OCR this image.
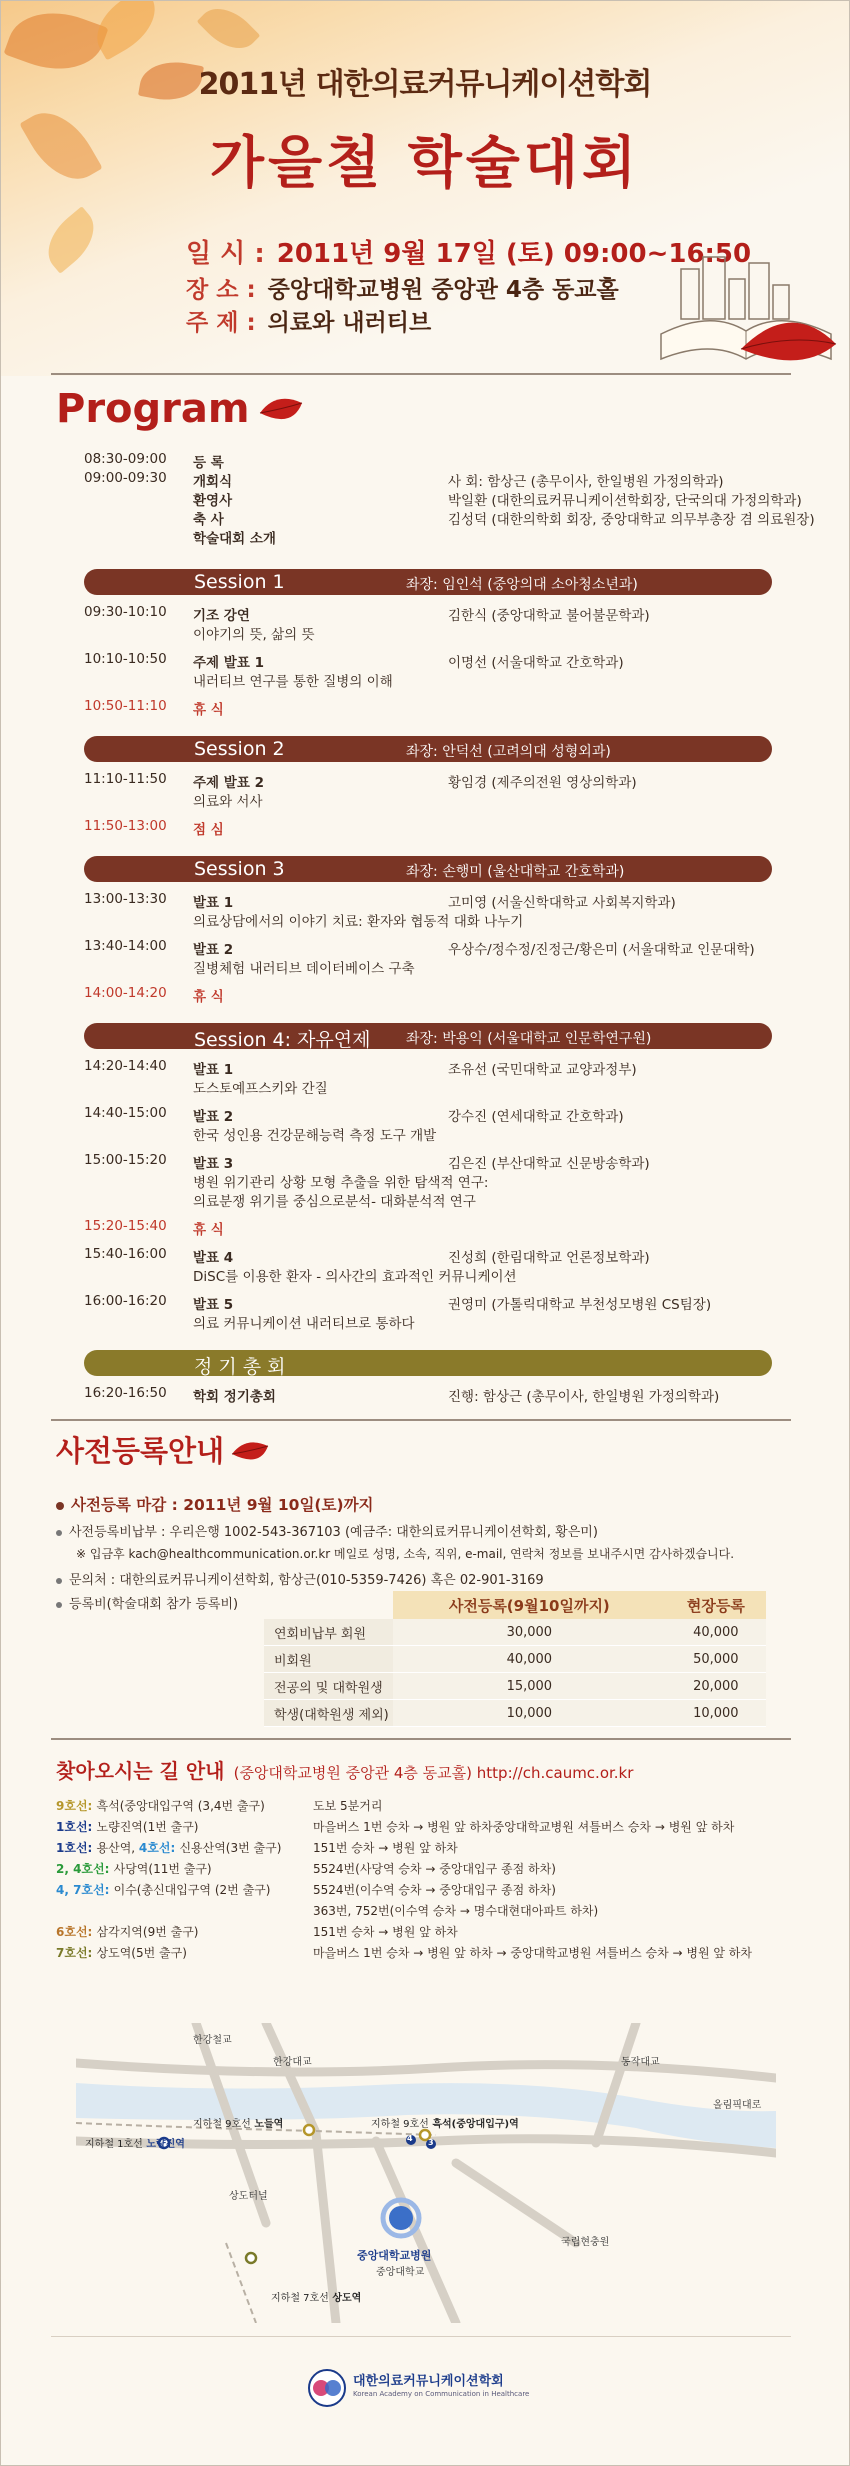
2011년 대한의료커뮤니케이션학회
가을철 학술대회
일 시 : 2011년 9월 17일 (토) 09:00~16:50
장 소 : 중앙대학교병원 중앙관 4층 동교홀
주 제 : 의료와 내러티브
Program
08:30-09:00 등 록
09:00-09:30 개회식	사 회: 함상근 (총무이사, 한일병원 가정의학과)
환영사	박일환 (대한의료커뮤니케이션학회장, 단국의대 가정의학과)
축 사	김성덕 (대한의학회 회장, 중앙대학교 의무부총장 겸 의료원장)
학술대회 소개
Session 1	좌장: 임인석 (중앙의대 소아청소년과)
09:30-10:10 기조 강연	김한식 (중앙대학교 불어불문학과)
이야기의 뜻, 삶의 뜻
10:10-10:50 주제 발표 1	이명선 (서울대학교 간호학과)
내러티브 연구를 통한 질병의 이해
10:50-11:10 휴 식
Session 2	좌장: 안덕선 (고려의대 성형외과)
11:10-11:50 주제 발표 2	황임경 (제주의전원 영상의학과)
의료와 서사
11:50-13:00 점 심
Session 3	좌장: 손행미 (울산대학교 간호학과)
13:00-13:30 발표 1	고미영 (서울신학대학교 사회복지학과)
의료상담에서의 이야기 치료: 환자와 협동적 대화 나누기
13:40-14:00 발표 2	우상수/정수정/진정근/황은미 (서울대학교 인문대학)
질병체험 내러티브 데이터베이스 구축
14:00-14:20 휴 식
Session 4: 자유연제	좌장: 박용익 (서울대학교 인문학연구원)
14:20-14:40 발표 1	조유선 (국민대학교 교양과정부)
도스토예프스키와 간질
14:40-15:00 발표 2	강수진 (연세대학교 간호학과)
한국 성인용 건강문해능력 측정 도구 개발
15:00-15:20 발표 3	김은진 (부산대학교 신문방송학과)
병원 위기관리 상황 모형 추출을 위한 탐색적 연구:
의료분쟁 위기를 중심으로분석- 대화분석적 연구
15:20-15:40 휴 식
15:40-16:00 발표 4	진성희 (한림대학교 언론정보학과)
DiSC를 이용한 환자 - 의사간의 효과적인 커뮤니케이션
16:00-16:20 발표 5	권영미 (가톨릭대학교 부천성모병원 CS팀장)
의료 커뮤니케이션 내러티브로 통하다
정 기 총 회
16:20-16:50 학회 정기총회	진행: 함상근 (총무이사, 한일병원 가정의학과)
사전등록안내
사전등록 마감 : 2011년 9월 10일(토)까지
사전등록비납부 : 우리은행 1002-543-367103 (예금주: 대한의료커뮤니케이션학회, 황은미)
※ 입금후 kach@healthcommunication.or.kr 메일로 성명, 소속, 직위, e-mail, 연락처 정보를 보내주시면 감사하겠습니다.
문의처 : 대한의료커뮤니케이션학회, 함상근(010-5359-7426) 혹은 02-901-3169
등록비(학술대회 참가 등록비)
		사전등록(9월10일까지)	현장등록
연회비납부 회원	30,000	40,000
비회원	40,000	50,000
전공의 및 대학원생	15,000	20,000
학생(대학원생 제외)	10,000	10,000
찾아오시는 길 안내 (중앙대학교병원 중앙관 4층 동교홀) http://ch.caumc.or.kr
9호선: 흑석(중앙대입구역 (3,4번 출구)	도보 5분거리
1호선: 노량진역(1번 출구)	마을버스 1번 승차 → 병원 앞 하차중앙대학교병원 셔틀버스 승차 → 병원 앞 하차
1호선: 용산역, 4호선: 신용산역(3번 출구)	151번 승차 → 병원 앞 하차
2, 4호선: 사당역(11번 출구)	5524번(사당역 승차 → 중앙대입구 종점 하차)
4, 7호선: 이수(총신대입구역 (2번 출구)	5524번(이수역 승차 → 중앙대입구 종점 하차)
363번, 752번(이수역 승차 → 명수대현대아파트 하차)
6호선: 삼각지역(9번 출구)	151번 승차 → 병원 앞 하차
7호선: 상도역(5번 출구)	마을버스 1번 승차 → 병원 앞 하차 → 중앙대학교병원 셔틀버스 승차 → 병원 앞 하차
한강철교
한강대교	동작대교
올림픽대로
지하철 1호선 노량진역
지하철 9호선 노들역	지하철 9호선 흑석(중앙대입구)역
4 3
상도터널
중앙대학교병원
중앙대학교
국립현충원
지하철 7호선 상도역
대한의료커뮤니케이션학회
Korean Academy on Communication in Healthcare
